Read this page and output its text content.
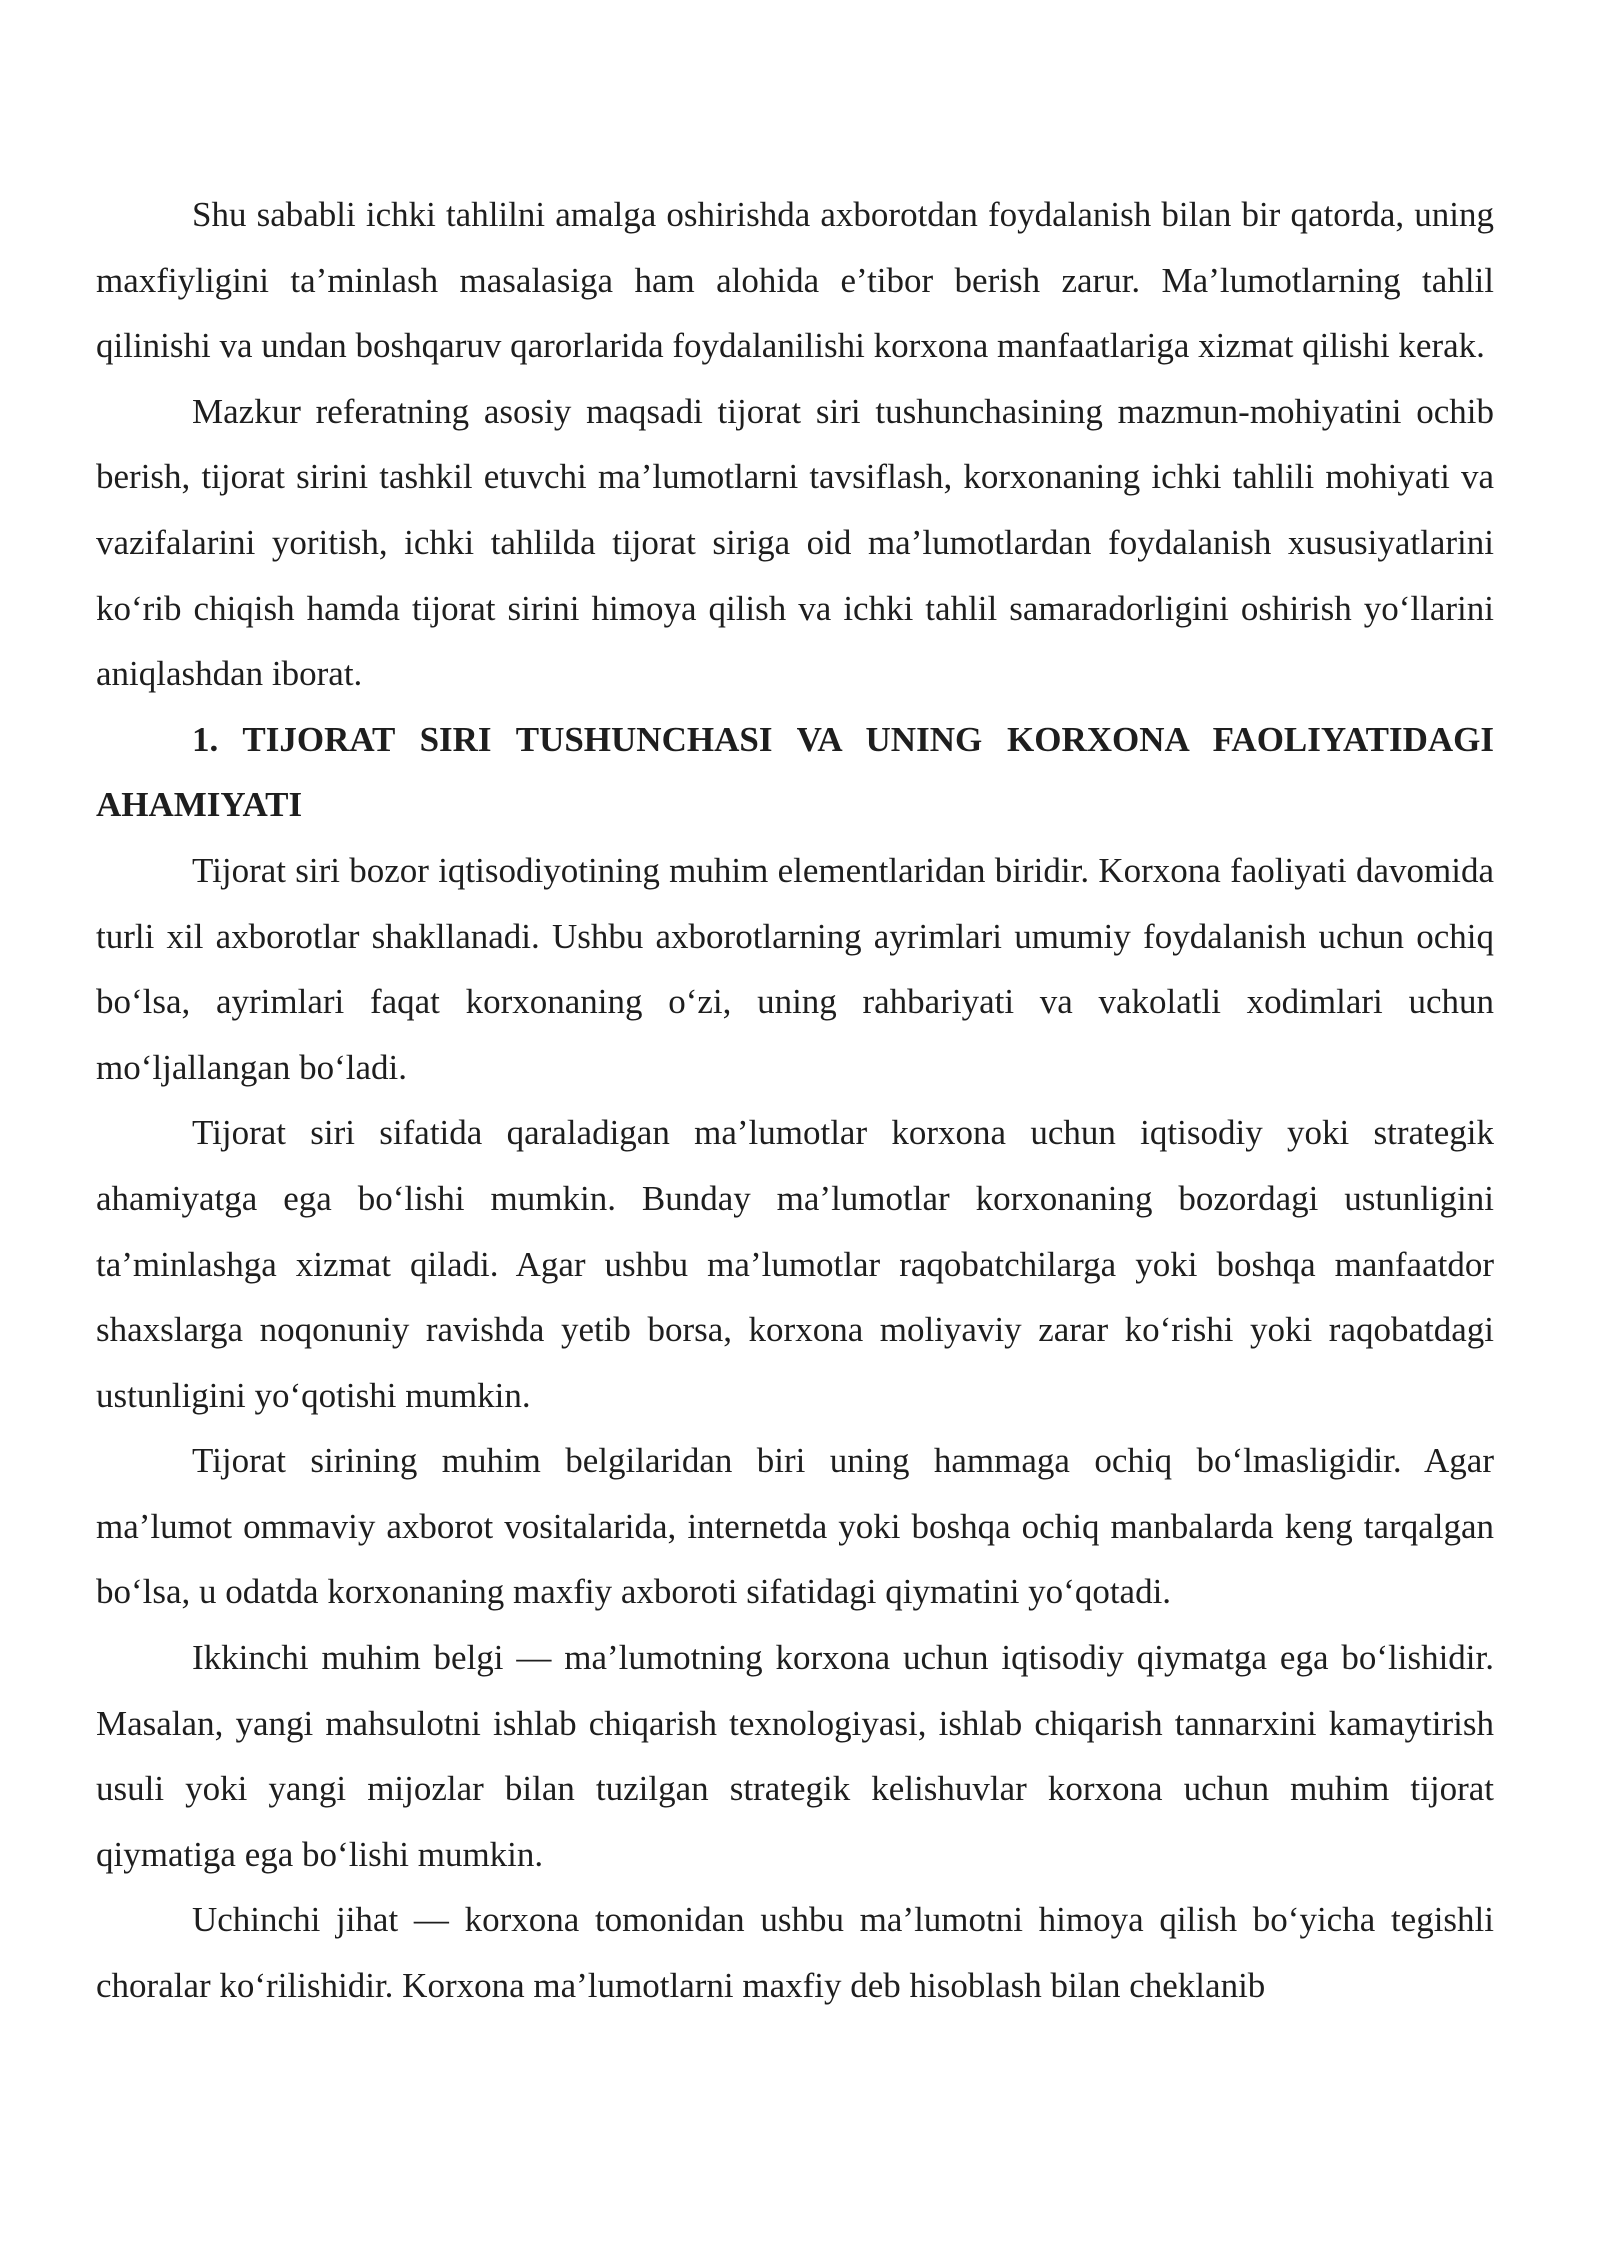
Shu sababli ichki tahlilni amalga oshirishda axborotdan foydalanish bilan bir qatorda, uning maxfiyligini ta’minlash masalasiga ham alohida e’tibor berish zarur. Ma’lumotlarning tahlil qilinishi va undan boshqaruv qarorlarida foydalanilishi korxona manfaatlariga xizmat qilishi kerak.

Mazkur referatning asosiy maqsadi tijorat siri tushunchasining mazmun-mohiyatini ochib berish, tijorat sirini tashkil etuvchi ma’lumotlarni tavsiflash, korxonaning ichki tahlili mohiyati va vazifalarini yoritish, ichki tahlilda tijorat siriga oid ma’lumotlardan foydalanish xususiyatlarini ko‘rib chiqish hamda tijorat sirini himoya qilish va ichki tahlil samaradorligini oshirish yo‘llarini aniqlashdan iborat.

1. TIJORAT SIRI TUSHUNCHASI VA UNING KORXONA FAOLIYATIDAGI AHAMIYATI

Tijorat siri bozor iqtisodiyotining muhim elementlaridan biridir. Korxona faoliyati davomida turli xil axborotlar shakllanadi. Ushbu axborotlarning ayrimlari umumiy foydalanish uchun ochiq bo‘lsa, ayrimlari faqat korxonaning o‘zi, uning rahbariyati va vakolatli xodimlari uchun mo‘ljallangan bo‘ladi.

Tijorat siri sifatida qaraladigan ma’lumotlar korxona uchun iqtisodiy yoki strategik ahamiyatga ega bo‘lishi mumkin. Bunday ma’lumotlar korxonaning bozordagi ustunligini ta’minlashga xizmat qiladi. Agar ushbu ma’lumotlar raqobatchilarga yoki boshqa manfaatdor shaxslarga noqonuniy ravishda yetib borsa, korxona moliyaviy zarar ko‘rishi yoki raqobatdagi ustunligini yo‘qotishi mumkin.

Tijorat sirining muhim belgilaridan biri uning hammaga ochiq bo‘lmasligidir. Agar ma’lumot ommaviy axborot vositalarida, internetda yoki boshqa ochiq manbalarda keng tarqalgan bo‘lsa, u odatda korxonaning maxfiy axboroti sifatidagi qiymatini yo‘qotadi.

Ikkinchi muhim belgi — ma’lumotning korxona uchun iqtisodiy qiymatga ega bo‘lishidir. Masalan, yangi mahsulotni ishlab chiqarish texnologiyasi, ishlab chiqarish tannarxini kamaytirish usuli yoki yangi mijozlar bilan tuzilgan strategik kelishuvlar korxona uchun muhim tijorat qiymatiga ega bo‘lishi mumkin.

Uchinchi jihat — korxona tomonidan ushbu ma’lumotni himoya qilish bo‘yicha tegishli choralar ko‘rilishidir. Korxona ma’lumotlarni maxfiy deb hisoblash bilan cheklanib
